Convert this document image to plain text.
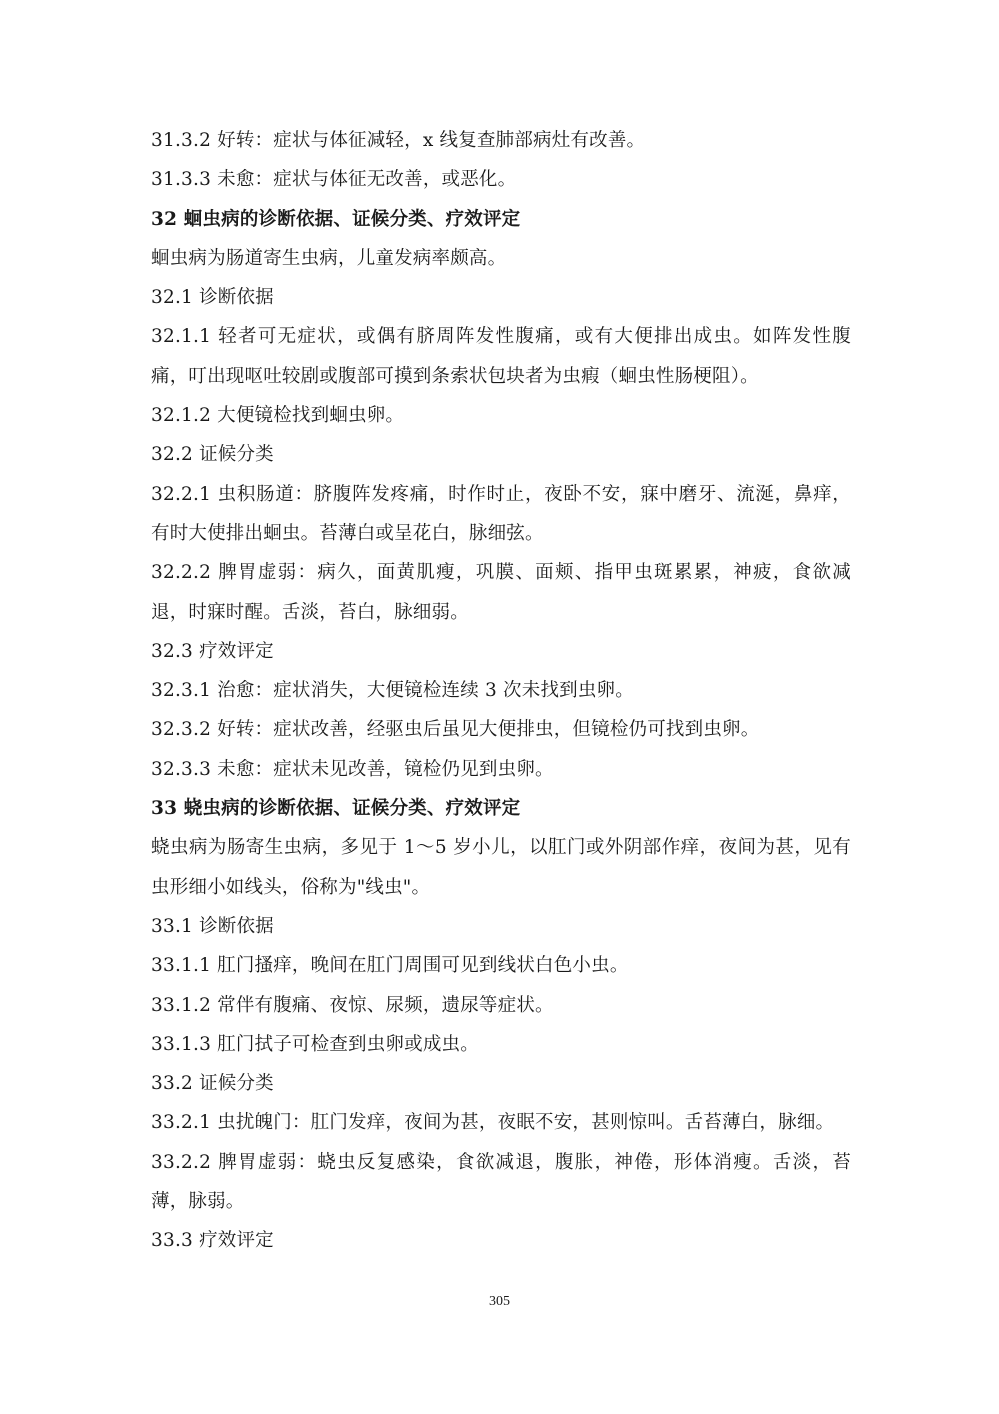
31.3.2 好转：症状与体征减轻，x 线复查肺部病灶有改善。
31.3.3 未愈：症状与体征无改善，或恶化。
32 蛔虫病的诊断依据、证候分类、疗效评定
蛔虫病为肠道寄生虫病，儿童发病率颇高。
32.1 诊断依据
32.1.1 轻者可无症状，或偶有脐周阵发性腹痛，或有大便排出成虫。如阵发性腹痛，叮出现呕吐较剧或腹部可摸到条索状包块者为虫瘕（蛔虫性肠梗阻）。
32.1.2 大便镜检找到蛔虫卵。
32.2 证候分类
32.2.1 虫积肠道：脐腹阵发疼痛，时作时止，夜卧不安，寐中磨牙、流涎，鼻痒，有时大使排出蛔虫。苔薄白或呈花白，脉细弦。
32.2.2 脾胃虚弱：病久，面黄肌瘦，巩膜、面颊、指甲虫斑累累，神疲，食欲减退，时寐时醒。舌淡，苔白，脉细弱。
32.3 疗效评定
32.3.1 治愈：症状消失，大便镜检连续 3 次未找到虫卵。
32.3.2 好转：症状改善，经驱虫后虽见大便排虫，但镜检仍可找到虫卵。
32.3.3 未愈：症状未见改善，镜检仍见到虫卵。
33 蛲虫病的诊断依据、证候分类、疗效评定
蛲虫病为肠寄生虫病，多见于 1～5 岁小儿，以肛门或外阴部作痒，夜间为甚，见有虫形细小如线头，俗称为"线虫"。
33.1 诊断依据
33.1.1 肛门搔痒，晚间在肛门周围可见到线状白色小虫。
33.1.2 常伴有腹痛、夜惊、尿频，遗尿等症状。
33.1.3 肛门拭子可检查到虫卵或成虫。
33.2 证候分类
33.2.1 虫扰魄门：肛门发痒，夜间为甚，夜眠不安，甚则惊叫。舌苔薄白，脉细。
33.2.2 脾胃虚弱：蛲虫反复感染，食欲减退，腹胀，神倦，形体消瘦。舌淡，苔薄，脉弱。
33.3 疗效评定
305
